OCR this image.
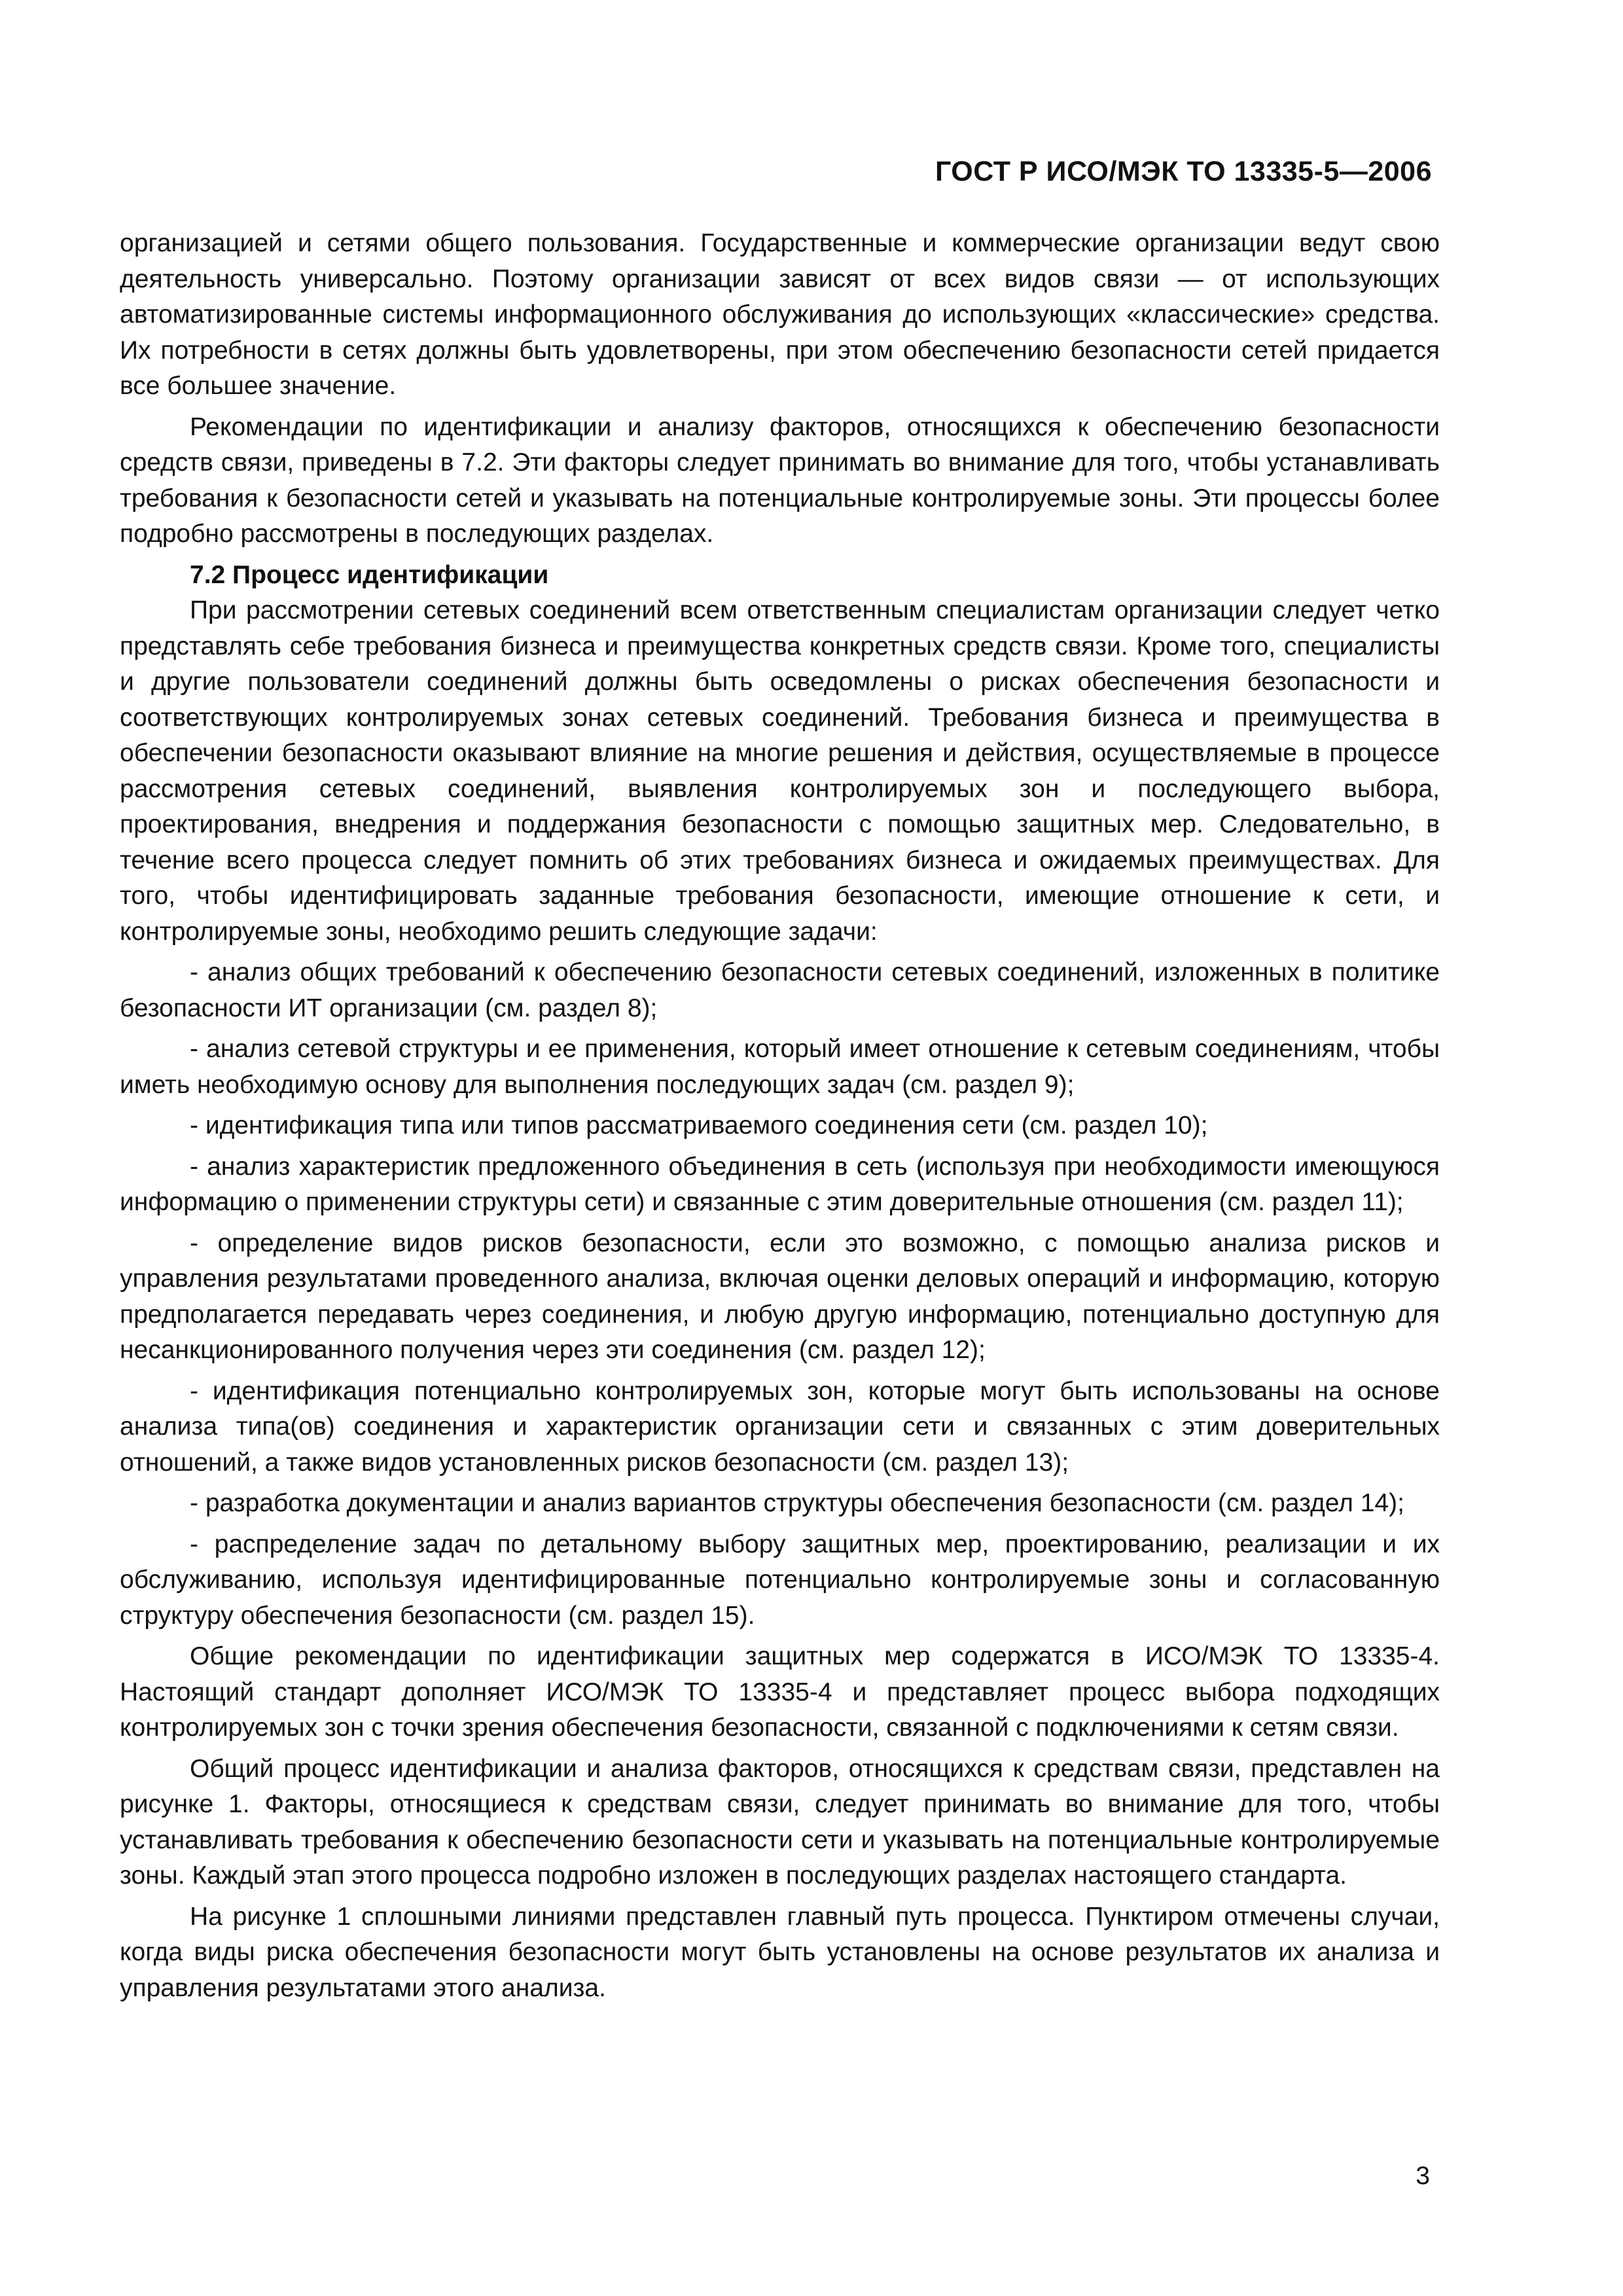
ГОСТ Р ИСО/МЭК ТО 13335-5—2006

организацией и сетями общего пользования. Государственные и коммерческие организации ведут свою деятельность универсально. Поэтому организации зависят от всех видов связи — от использующих автоматизированные системы информационного обслуживания до использующих «классические» средства. Их потребности в сетях должны быть удовлетворены, при этом обеспечению безопасности сетей придается все большее значение.

Рекомендации по идентификации и анализу факторов, относящихся к обеспечению безопасности средств связи, приведены в 7.2. Эти факторы следует принимать во внимание для того, чтобы устанавливать требования к безопасности сетей и указывать на потенциальные контролируемые зоны. Эти процессы более подробно рассмотрены в последующих разделах.

7.2 Процесс идентификации

При рассмотрении сетевых соединений всем ответственным специалистам организации следует четко представлять себе требования бизнеса и преимущества конкретных средств связи. Кроме того, специалисты и другие пользователи соединений должны быть осведомлены о рисках обеспечения безопасности и соответствующих контролируемых зонах сетевых соединений. Требования бизнеса и преимущества в обеспечении безопасности оказывают влияние на многие решения и действия, осуществляемые в процессе рассмотрения сетевых соединений, выявления контролируемых зон и последующего выбора, проектирования, внедрения и поддержания безопасности с помощью защитных мер. Следовательно, в течение всего процесса следует помнить об этих требованиях бизнеса и ожидаемых преимуществах. Для того, чтобы идентифицировать заданные требования безопасности, имеющие отношение к сети, и контролируемые зоны, необходимо решить следующие задачи:

- анализ общих требований к обеспечению безопасности сетевых соединений, изложенных в политике безопасности ИТ организации (см. раздел 8);

- анализ сетевой структуры и ее применения, который имеет отношение к сетевым соединениям, чтобы иметь необходимую основу для выполнения последующих задач (см. раздел 9);

- идентификация типа или типов рассматриваемого соединения сети (см. раздел 10);

- анализ характеристик предложенного объединения в сеть (используя при необходимости имеющуюся информацию о применении структуры сети) и связанные с этим доверительные отношения (см. раздел 11);

- определение видов рисков безопасности, если это возможно, с помощью анализа рисков и управления результатами проведенного анализа, включая оценки деловых операций и информацию, которую предполагается передавать через соединения, и любую другую информацию, потенциально доступную для несанкционированного получения через эти соединения (см. раздел 12);

- идентификация потенциально контролируемых зон, которые могут быть использованы на основе анализа типа(ов) соединения и характеристик организации сети и связанных с этим доверительных отношений, а также видов установленных рисков безопасности (см. раздел 13);

- разработка документации и анализ вариантов структуры обеспечения безопасности (см. раздел 14);

- распределение задач по детальному выбору защитных мер, проектированию, реализации и их обслуживанию, используя идентифицированные потенциально контролируемые зоны и согласованную структуру обеспечения безопасности (см. раздел 15).

Общие рекомендации по идентификации защитных мер содержатся в ИСО/МЭК ТО 13335-4. Настоящий стандарт дополняет ИСО/МЭК ТО 13335-4 и представляет процесс выбора подходящих контролируемых зон с точки зрения обеспечения безопасности, связанной с подключениями к сетям связи.

Общий процесс идентификации и анализа факторов, относящихся к средствам связи, представлен на рисунке 1. Факторы, относящиеся к средствам связи, следует принимать во внимание для того, чтобы устанавливать требования к обеспечению безопасности сети и указывать на потенциальные контролируемые зоны. Каждый этап этого процесса подробно изложен в последующих разделах настоящего стандарта.

На рисунке 1 сплошными линиями представлен главный путь процесса. Пунктиром отмечены случаи, когда виды риска обеспечения безопасности могут быть установлены на основе результатов их анализа и управления результатами этого анализа.

3
